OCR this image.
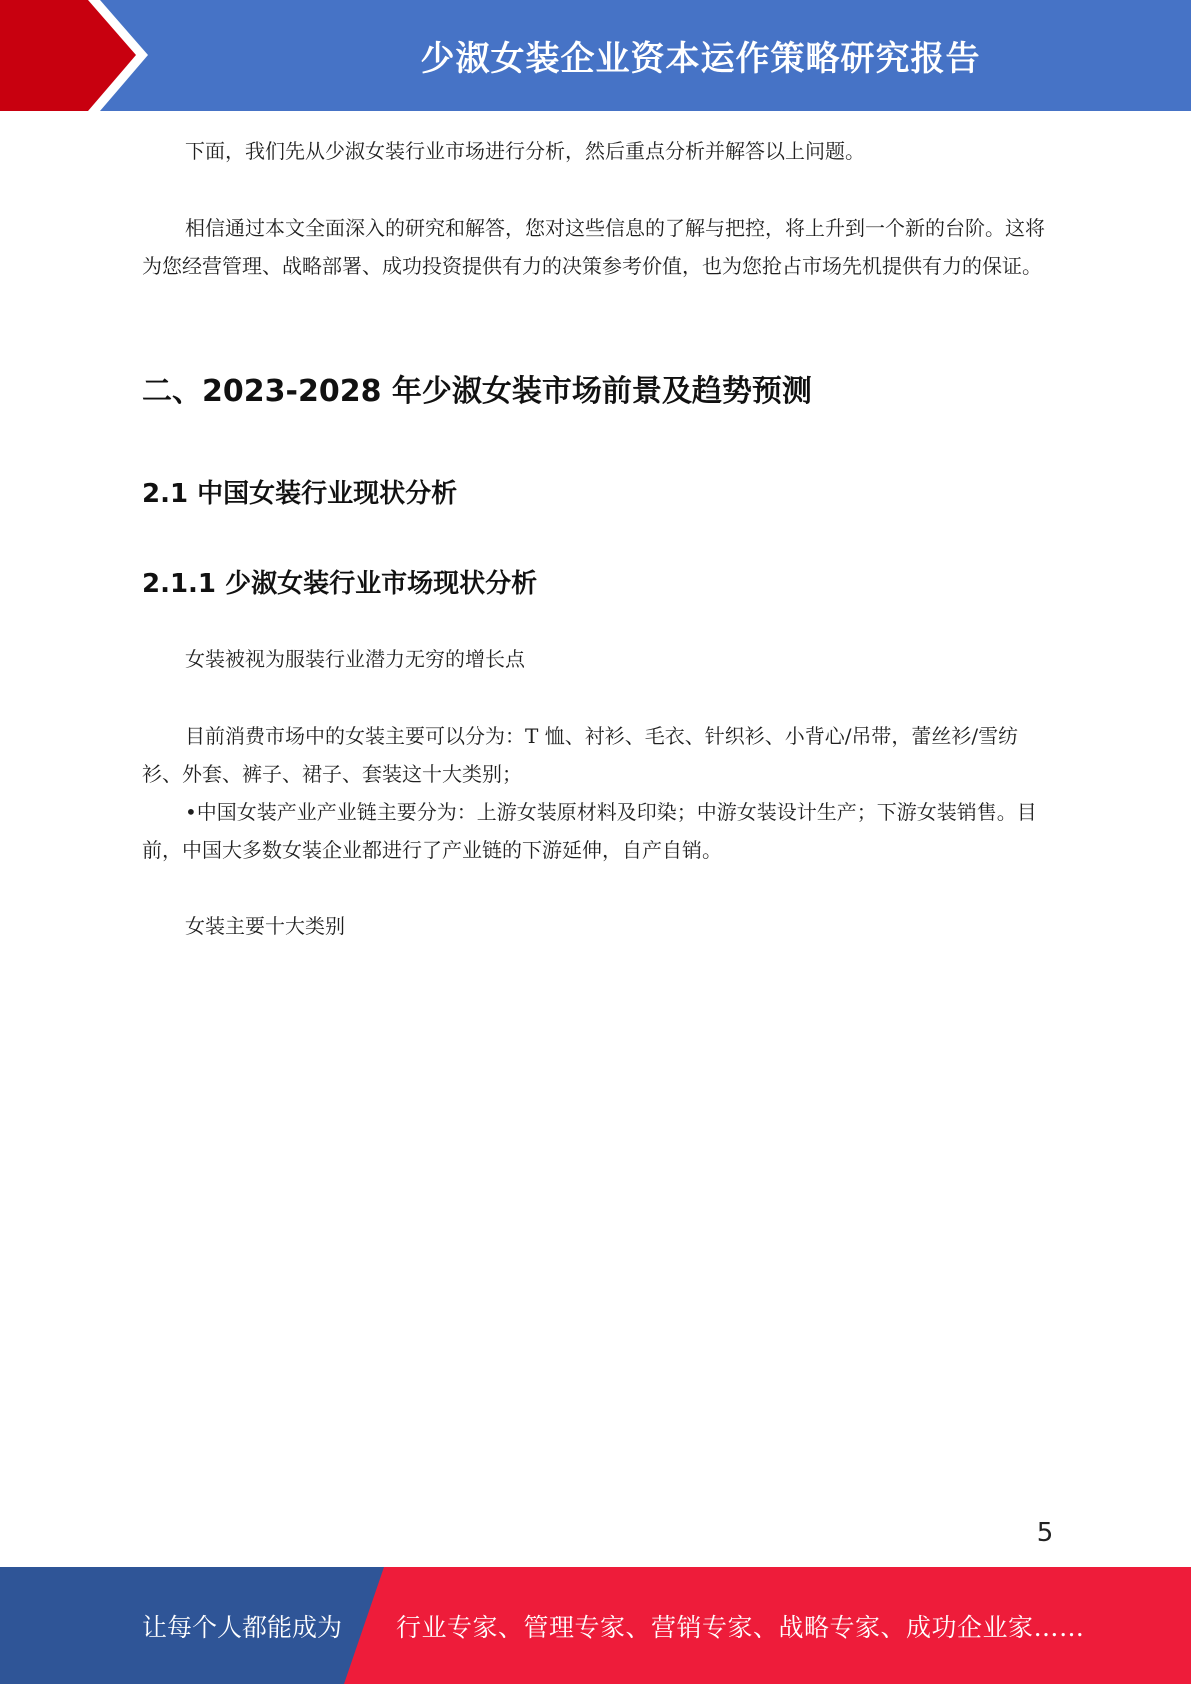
少淑女装企业资本运作策略研究报告

下面，我们先从少淑女装行业市场进行分析，然后重点分析并解答以上问题。

相信通过本文全面深入的研究和解答，您对这些信息的了解与把控，将上升到一个新的台阶。这将为您经营管理、战略部署、成功投资提供有力的决策参考价值，也为您抢占市场先机提供有力的保证。

二、2023-2028 年少淑女装市场前景及趋势预测
2.1 中国女装行业现状分析
2.1.1 少淑女装行业市场现状分析

女装被视为服装行业潜力无穷的增长点

目前消费市场中的女装主要可以分为：T 恤、衬衫、毛衣、针织衫、小背心/吊带，蕾丝衫/雪纺衫、外套、裤子、裙子、套装这十大类别；

•中国女装产业产业链主要分为：上游女装原材料及印染；中游女装设计生产；下游女装销售。目前，中国大多数女装企业都进行了产业链的下游延伸，自产自销。

女装主要十大类别

5
让每个人都能成为 行业专家、管理专家、营销专家、战略专家、成功企业家……
